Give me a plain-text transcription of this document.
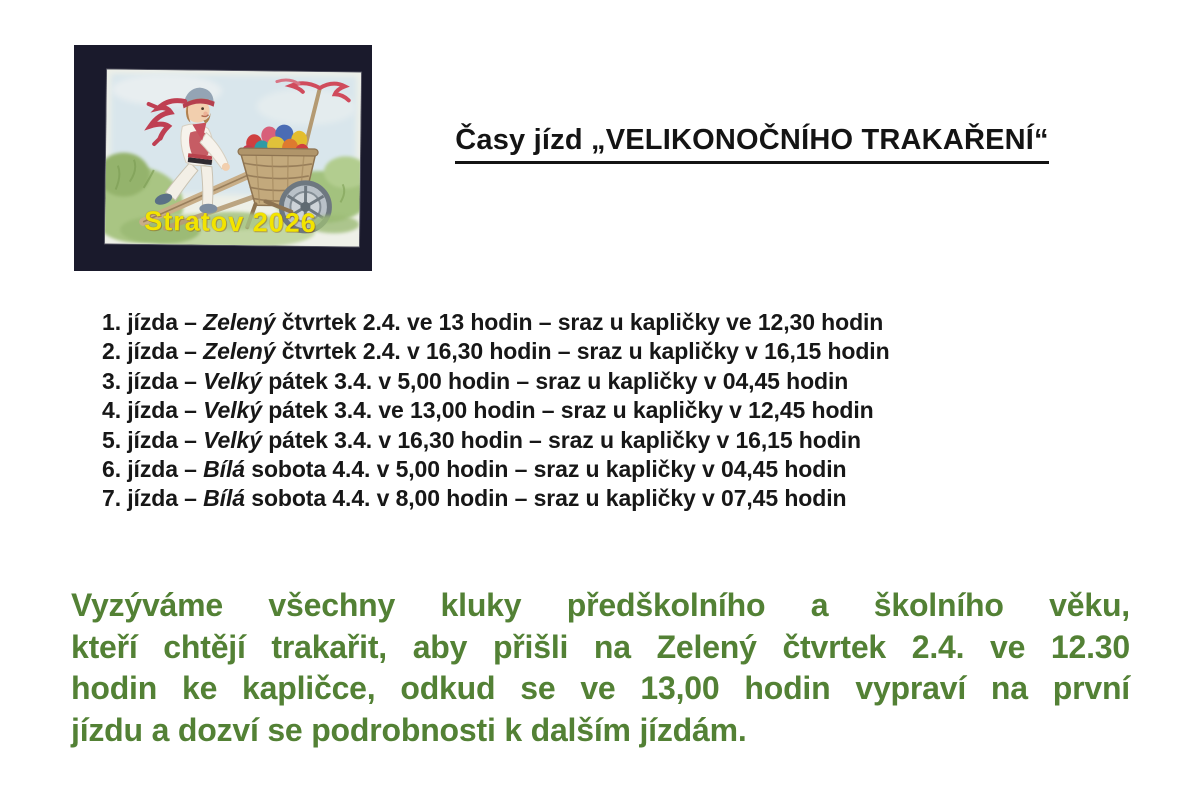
Stratov 2026
Časy jízd „VELIKONOČNÍHO TRAKAŘENÍ“
1. jízda – Zelený čtvrtek 2.4. ve 13 hodin – sraz u kapličky ve 12,30 hodin
2. jízda – Zelený čtvrtek 2.4. v 16,30 hodin – sraz u kapličky v 16,15 hodin
3. jízda – Velký pátek 3.4. v 5,00 hodin – sraz u kapličky v 04,45 hodin
4. jízda – Velký pátek 3.4. ve 13,00 hodin – sraz u kapličky v 12,45 hodin
5. jízda – Velký pátek 3.4. v 16,30 hodin – sraz u kapličky v 16,15 hodin
6. jízda – Bílá sobota 4.4. v 5,00 hodin – sraz u kapličky v 04,45 hodin
7. jízda – Bílá sobota 4.4. v 8,00 hodin – sraz u kapličky v 07,45 hodin
Vyzýváme všechny kluky předškolního a školního věku,
kteří chtějí trakařit, aby přišli na Zelený čtvrtek 2.4. ve 12.30
hodin ke kapličce, odkud se ve 13,00 hodin vypraví na první
jízdu a dozví se podrobnosti k dalším jízdám.
